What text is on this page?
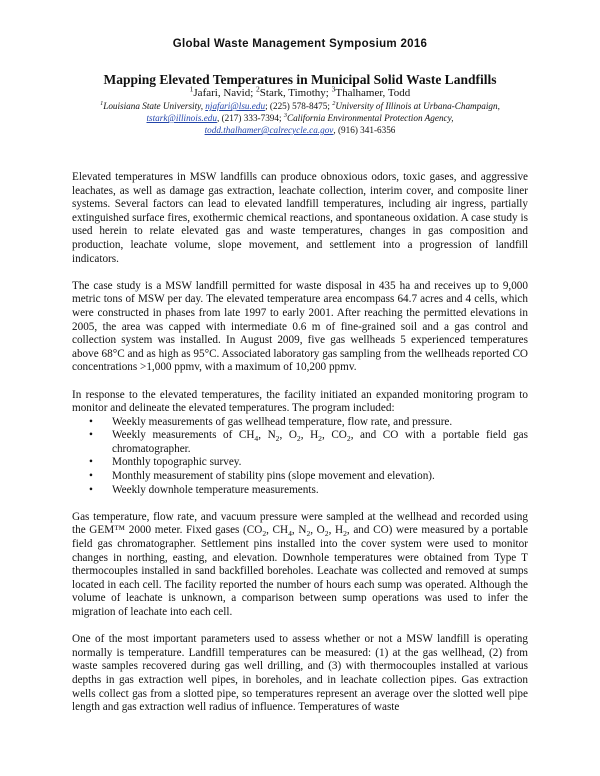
Global Waste Management Symposium 2016
Mapping Elevated Temperatures in Municipal Solid Waste Landfills
$^1$Jafari, Navid; $^2$Stark, Timothy; $^3$Thalhamer, Todd
$^1$Louisiana State University, njafari@lsu.edu; (225) 578-8475; $^2$University of Illinois at Urbana-Champaign,
tstark@illinois.edu, (217) 333-7394; $^3$California Environmental Protection Agency,
todd.thalhamer@calrecycle.ca.gov, (916) 341-6356

Elevated temperatures in MSW landfills can produce obnoxious odors, toxic gases, and aggressive leachates, as well as damage gas extraction, leachate collection, interim cover, and composite liner systems. Several factors can lead to elevated landfill temperatures, including air ingress, partially extinguished surface fires, exothermic chemical reactions, and spontaneous oxidation. A case study is used herein to relate elevated gas and waste temperatures, changes in gas composition and production, leachate volume, slope movement, and settlement into a progression of landfill indicators.

The case study is a MSW landfill permitted for waste disposal in 435 ha and receives up to 9,000 metric tons of MSW per day. The elevated temperature area encompass 64.7 acres and 4 cells, which were constructed in phases from late 1997 to early 2001. After reaching the permitted elevations in 2005, the area was capped with intermediate 0.6 m of fine-grained soil and a gas control and collection system was installed. In August 2009, five gas wellheads 5 experienced temperatures above 68°C and as high as 95°C. Associated laboratory gas sampling from the wellheads reported CO concentrations >1,000 ppmv, with a maximum of 10,200 ppmv.

In response to the elevated temperatures, the facility initiated an expanded monitoring program to monitor and delineate the elevated temperatures. The program included:

• Weekly measurements of gas wellhead temperature, flow rate, and pressure.
• Weekly measurements of $CH_4$, $N_2$, $O_2$, $H_2$, $CO_2$, and CO with a portable field gas chromatographer.
• Monthly topographic survey.
• Monthly measurement of stability pins (slope movement and elevation).
• Weekly downhole temperature measurements.

Gas temperature, flow rate, and vacuum pressure were sampled at the wellhead and recorded using the GEM™ 2000 meter. Fixed gases ($CO_2$, $CH_4$, $N_2$, $O_2$, $H_2$, and CO) were measured by a portable field gas chromatographer. Settlement pins installed into the cover system were used to monitor changes in northing, easting, and elevation. Downhole temperatures were obtained from Type T thermocouples installed in sand backfilled boreholes. Leachate was collected and removed at sumps located in each cell. The facility reported the number of hours each sump was operated. Although the volume of leachate is unknown, a comparison between sump operations was used to infer the migration of leachate into each cell.

One of the most important parameters used to assess whether or not a MSW landfill is operating normally is temperature. Landfill temperatures can be measured: (1) at the gas wellhead, (2) from waste samples recovered during gas well drilling, and (3) with thermocouples installed at various depths in gas extraction well pipes, in boreholes, and in leachate collection pipes. Gas extraction wells collect gas from a slotted pipe, so temperatures represent an average over the slotted well pipe length and gas extraction well radius of influence. Temperatures of waste
